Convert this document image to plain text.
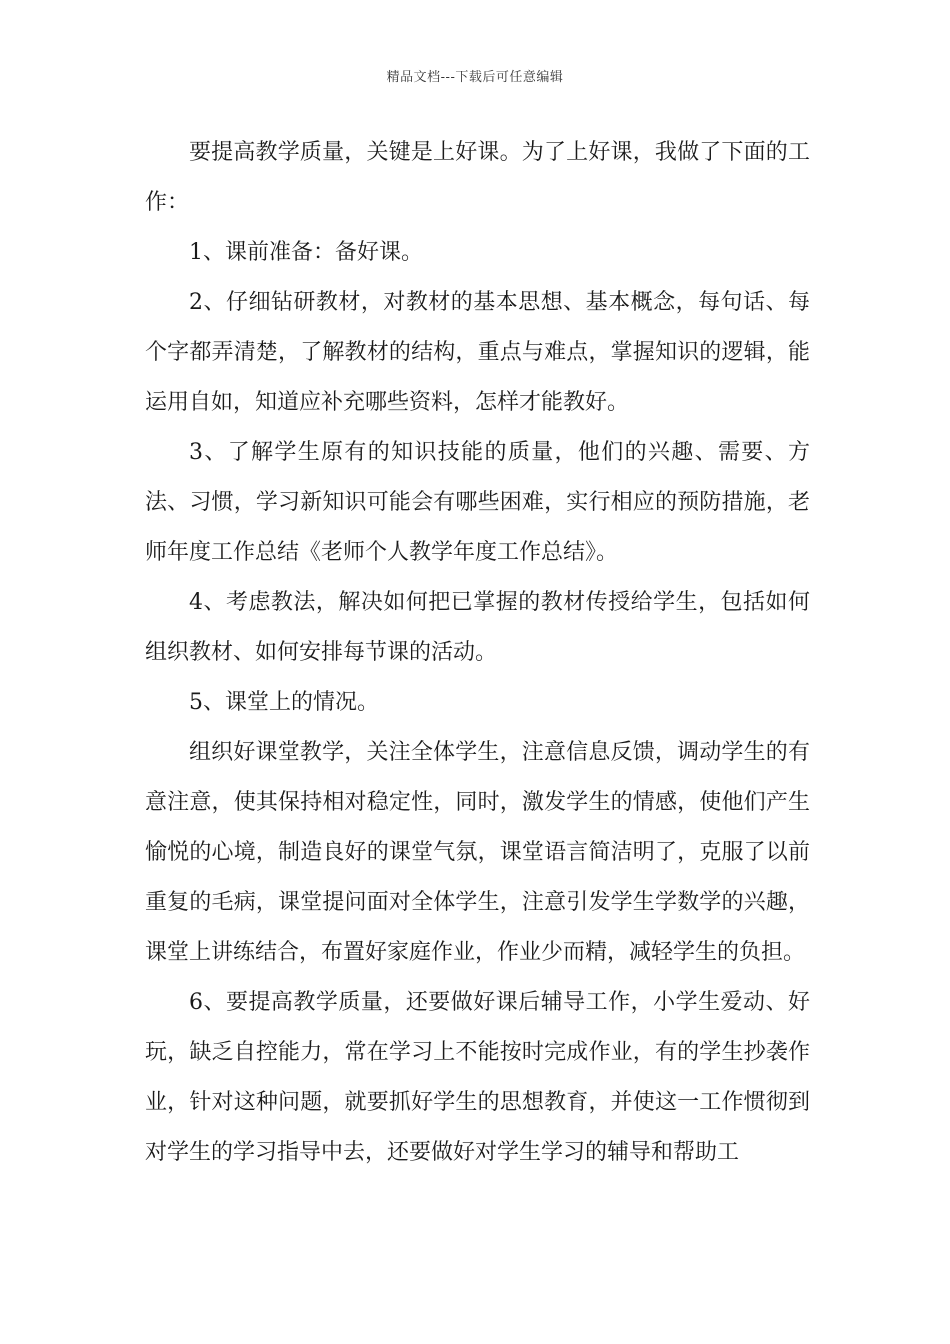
精品文档---下载后可任意编辑

要提高教学质量，关键是上好课。为了上好课，我做了下面的工作：

1、课前准备：备好课。

2、仔细钻研教材，对教材的基本思想、基本概念，每句话、每个字都弄清楚，了解教材的结构，重点与难点，掌握知识的逻辑，能运用自如，知道应补充哪些资料，怎样才能教好。

3、了解学生原有的知识技能的质量，他们的兴趣、需要、方法、习惯，学习新知识可能会有哪些困难，实行相应的预防措施，老师年度工作总结《老师个人教学年度工作总结》。

4、考虑教法，解决如何把已掌握的教材传授给学生，包括如何组织教材、如何安排每节课的活动。

5、课堂上的情况。

组织好课堂教学，关注全体学生，注意信息反馈，调动学生的有意注意，使其保持相对稳定性，同时，激发学生的情感，使他们产生愉悦的心境，制造良好的课堂气氛，课堂语言简洁明了，克服了以前重复的毛病，课堂提问面对全体学生，注意引发学生学数学的兴趣，课堂上讲练结合，布置好家庭作业，作业少而精，减轻学生的负担。

6、要提高教学质量，还要做好课后辅导工作，小学生爱动、好玩，缺乏自控能力，常在学习上不能按时完成作业，有的学生抄袭作业，针对这种问题，就要抓好学生的思想教育，并使这一工作惯彻到对学生的学习指导中去，还要做好对学生学习的辅导和帮助工
